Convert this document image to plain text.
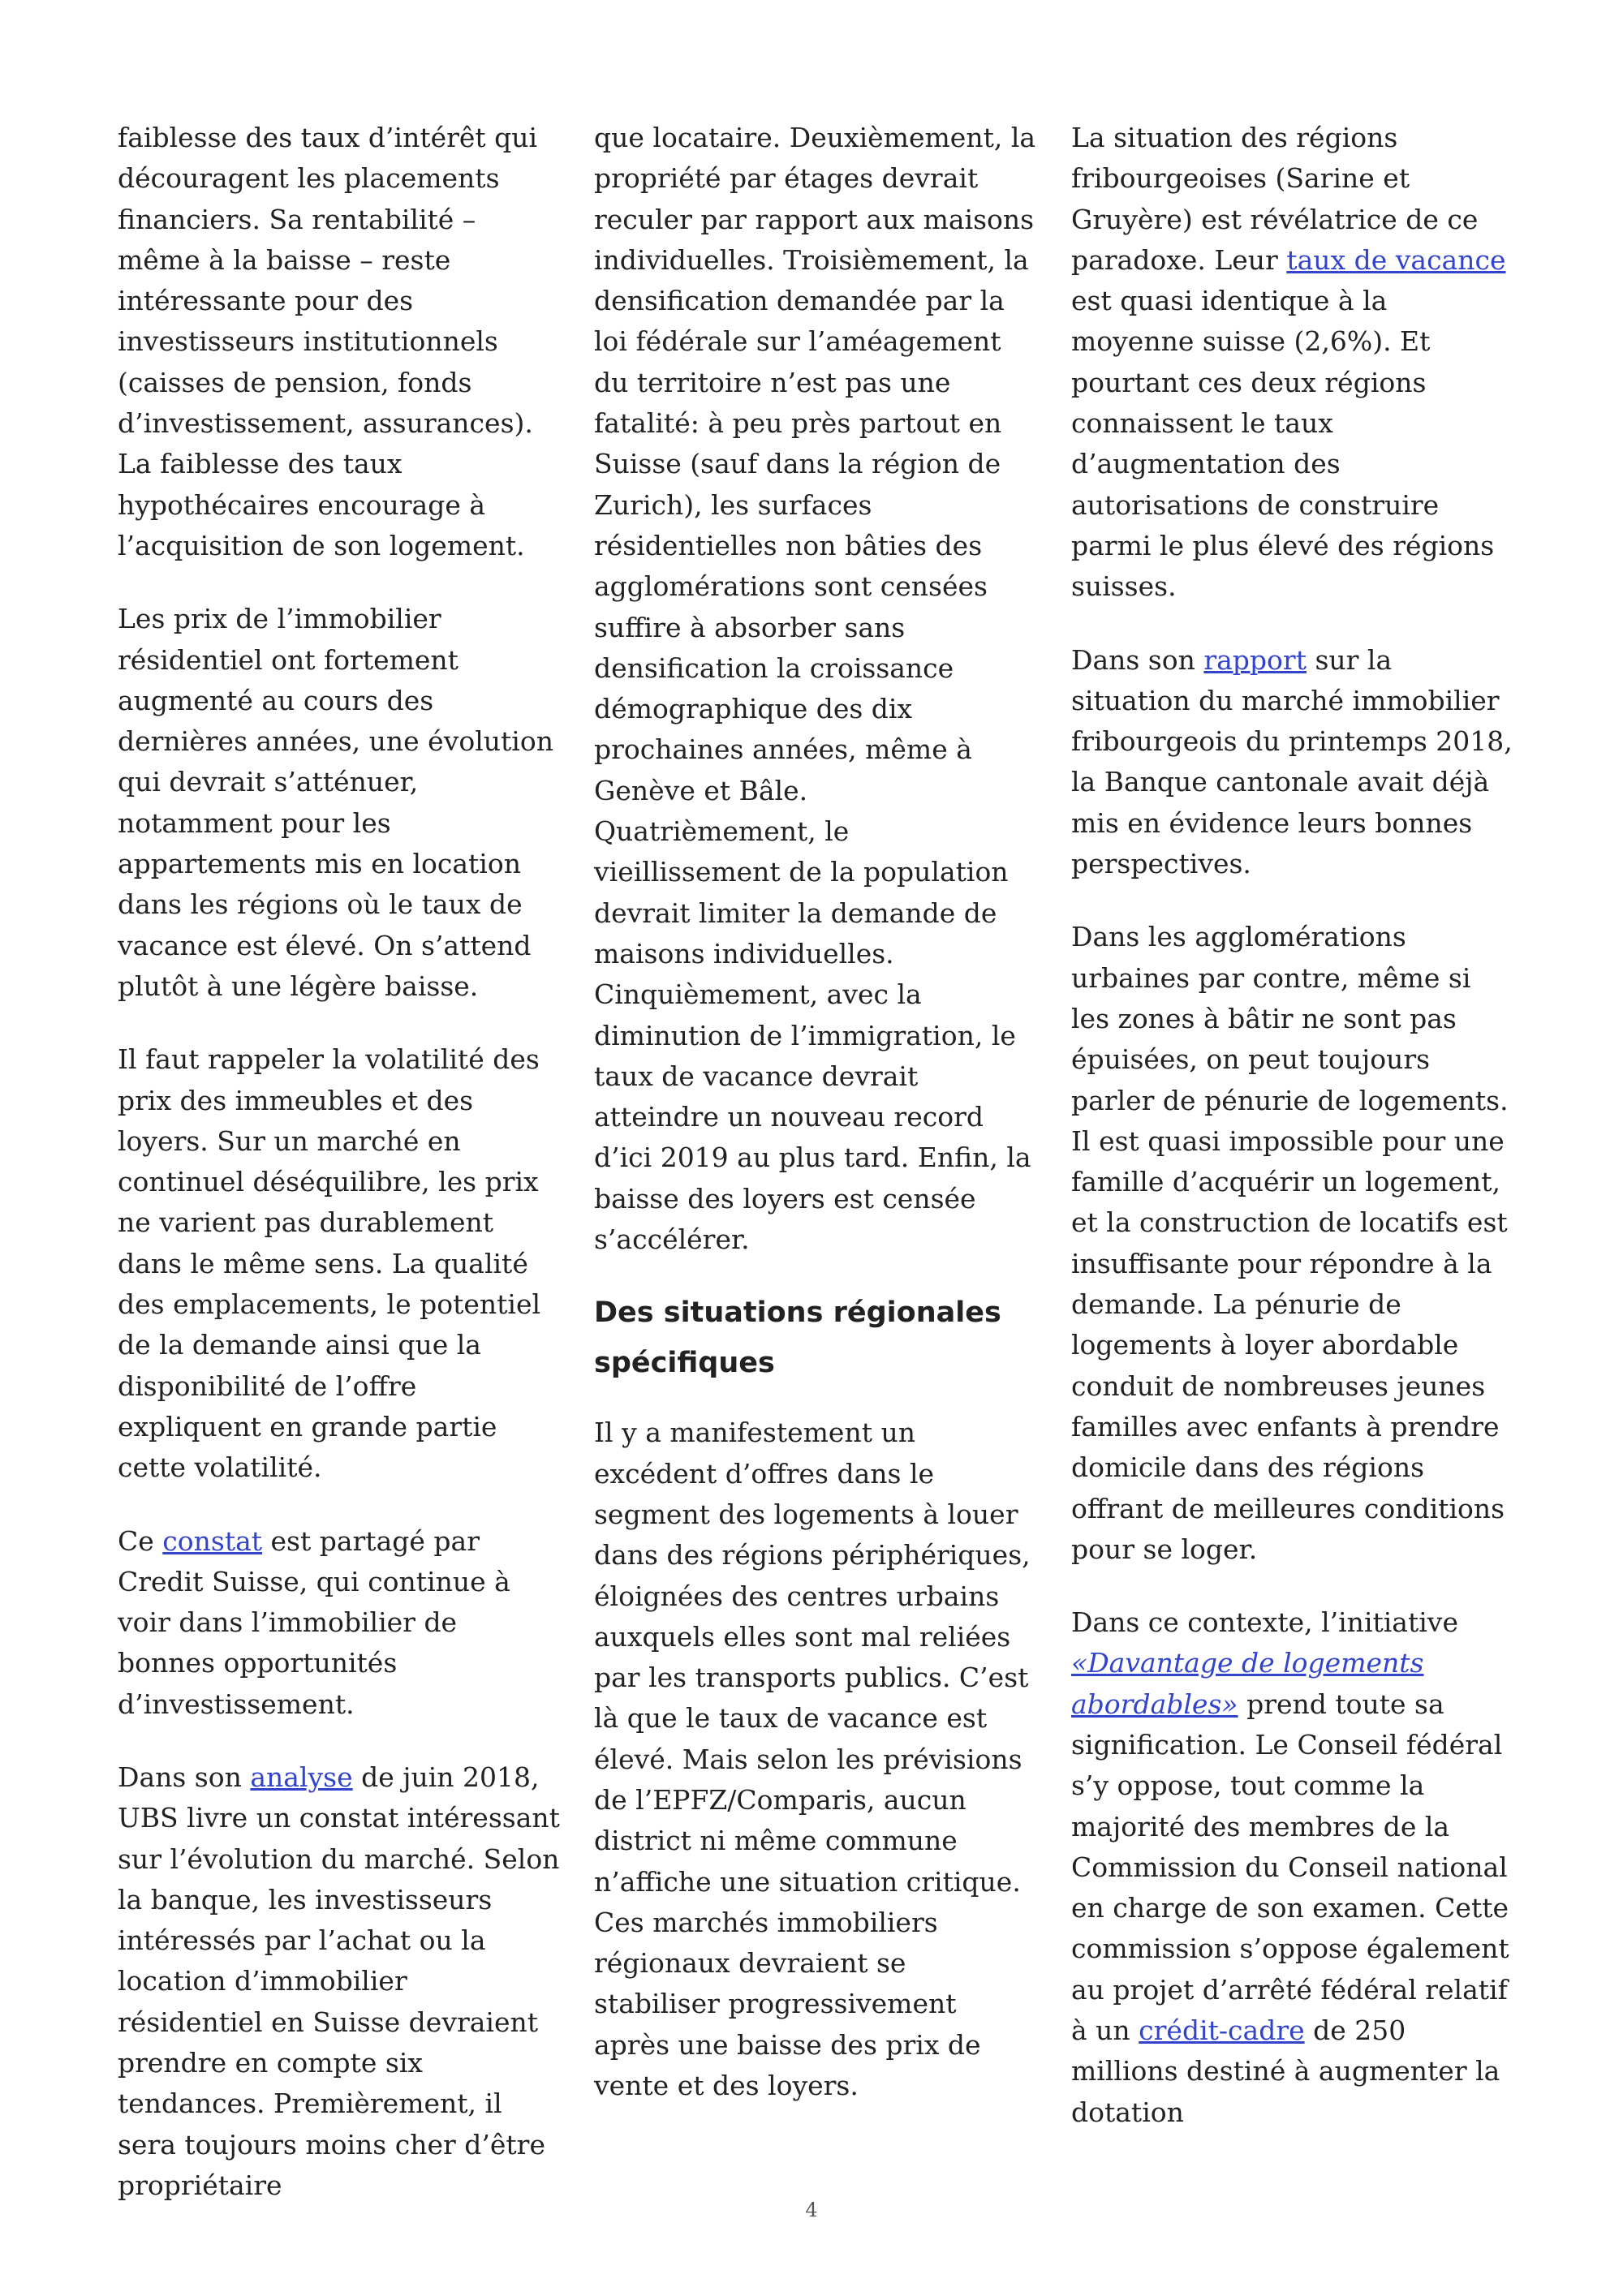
faiblesse des taux d’intérêt qui découragent les placements financiers. Sa rentabilité – même à la baisse – reste intéressante pour des investisseurs institutionnels (caisses de pension, fonds d’investissement, assurances). La faiblesse des taux hypothécaires encourage à l’acquisition de son logement.

Les prix de l’immobilier résidentiel ont fortement augmenté au cours des dernières années, une évolution qui devrait s’atténuer, notamment pour les appartements mis en location dans les régions où le taux de vacance est élevé. On s’attend plutôt à une légère baisse.

Il faut rappeler la volatilité des prix des immeubles et des loyers. Sur un marché en continuel déséquilibre, les prix ne varient pas durablement dans le même sens. La qualité des emplacements, le potentiel de la demande ainsi que la disponibilité de l’offre expliquent en grande partie cette volatilité.

Ce constat est partagé par Credit Suisse, qui continue à voir dans l’immobilier de bonnes opportunités d’investissement.

Dans son analyse de juin 2018, UBS livre un constat intéressant sur l’évolution du marché. Selon la banque, les investisseurs intéressés par l’achat ou la location d’immobilier résidentiel en Suisse devraient prendre en compte six tendances. Premièrement, il sera toujours moins cher d’être propriétaire

que locataire. Deuxièmement, la propriété par étages devrait reculer par rapport aux maisons individuelles. Troisièmement, la densification demandée par la loi fédérale sur l’améagement du territoire n’est pas une fatalité: à peu près partout en Suisse (sauf dans la région de Zurich), les surfaces résidentielles non bâties des agglomérations sont censées suffire à absorber sans densification la croissance démographique des dix prochaines années, même à Genève et Bâle. Quatrièmement, le vieillissement de la population devrait limiter la demande de maisons individuelles. Cinquièmement, avec la diminution de l’immigration, le taux de vacance devrait atteindre un nouveau record d’ici 2019 au plus tard. Enfin, la baisse des loyers est censée s’accélérer.

Des situations régionales spécifiques

Il y a manifestement un excédent d’offres dans le segment des logements à louer dans des régions périphériques, éloignées des centres urbains auxquels elles sont mal reliées par les transports publics. C’est là que le taux de vacance est élevé. Mais selon les prévisions de l’EPFZ/Comparis, aucun district ni même commune n’affiche une situation critique. Ces marchés immobiliers régionaux devraient se stabiliser progressivement après une baisse des prix de vente et des loyers.

La situation des régions fribourgeoises (Sarine et Gruyère) est révélatrice de ce paradoxe. Leur taux de vacance est quasi identique à la moyenne suisse (2,6%). Et pourtant ces deux régions connaissent le taux d’augmentation des autorisations de construire parmi le plus élevé des régions suisses.

Dans son rapport sur la situation du marché immobilier fribourgeois du printemps 2018, la Banque cantonale avait déjà mis en évidence leurs bonnes perspectives.

Dans les agglomérations urbaines par contre, même si les zones à bâtir ne sont pas épuisées, on peut toujours parler de pénurie de logements. Il est quasi impossible pour une famille d’acquérir un logement, et la construction de locatifs est insuffisante pour répondre à la demande. La pénurie de logements à loyer abordable conduit de nombreuses jeunes familles avec enfants à prendre domicile dans des régions offrant de meilleures conditions pour se loger.

Dans ce contexte, l’initiative «Davantage de logements abordables» prend toute sa signification. Le Conseil fédéral s’y oppose, tout comme la majorité des membres de la Commission du Conseil national en charge de son examen. Cette commission s’oppose également au projet d’arrêté fédéral relatif à un crédit-cadre de 250 millions destiné à augmenter la dotation

4
